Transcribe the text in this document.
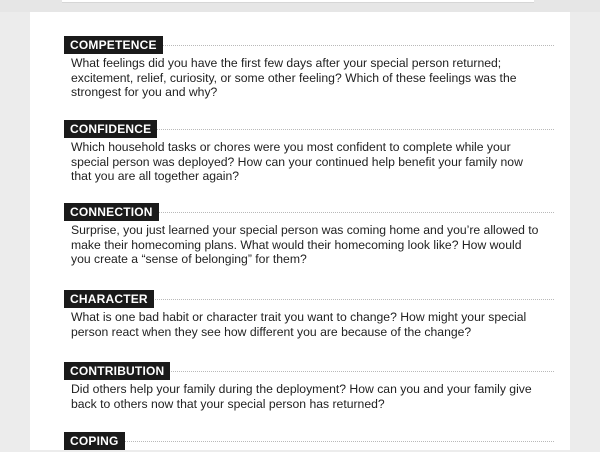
COMPETENCE
What feelings did you have the first few days after your special person returned; excitement, relief, curiosity, or some other feeling? Which of these feelings was the strongest for you and why?
CONFIDENCE
Which household tasks or chores were you most confident to complete while your special person was deployed? How can your continued help benefit your family now that you are all together again?
CONNECTION
Surprise, you just learned your special person was coming home and you’re allowed to make their homecoming plans. What would their homecoming look like? How would you create a “sense of belonging” for them?
CHARACTER
What is one bad habit or character trait you want to change? How might your special person react when they see how different you are because of the change?
CONTRIBUTION
Did others help your family during the deployment? How can you and your family give back to others now that your special person has returned?
COPING
